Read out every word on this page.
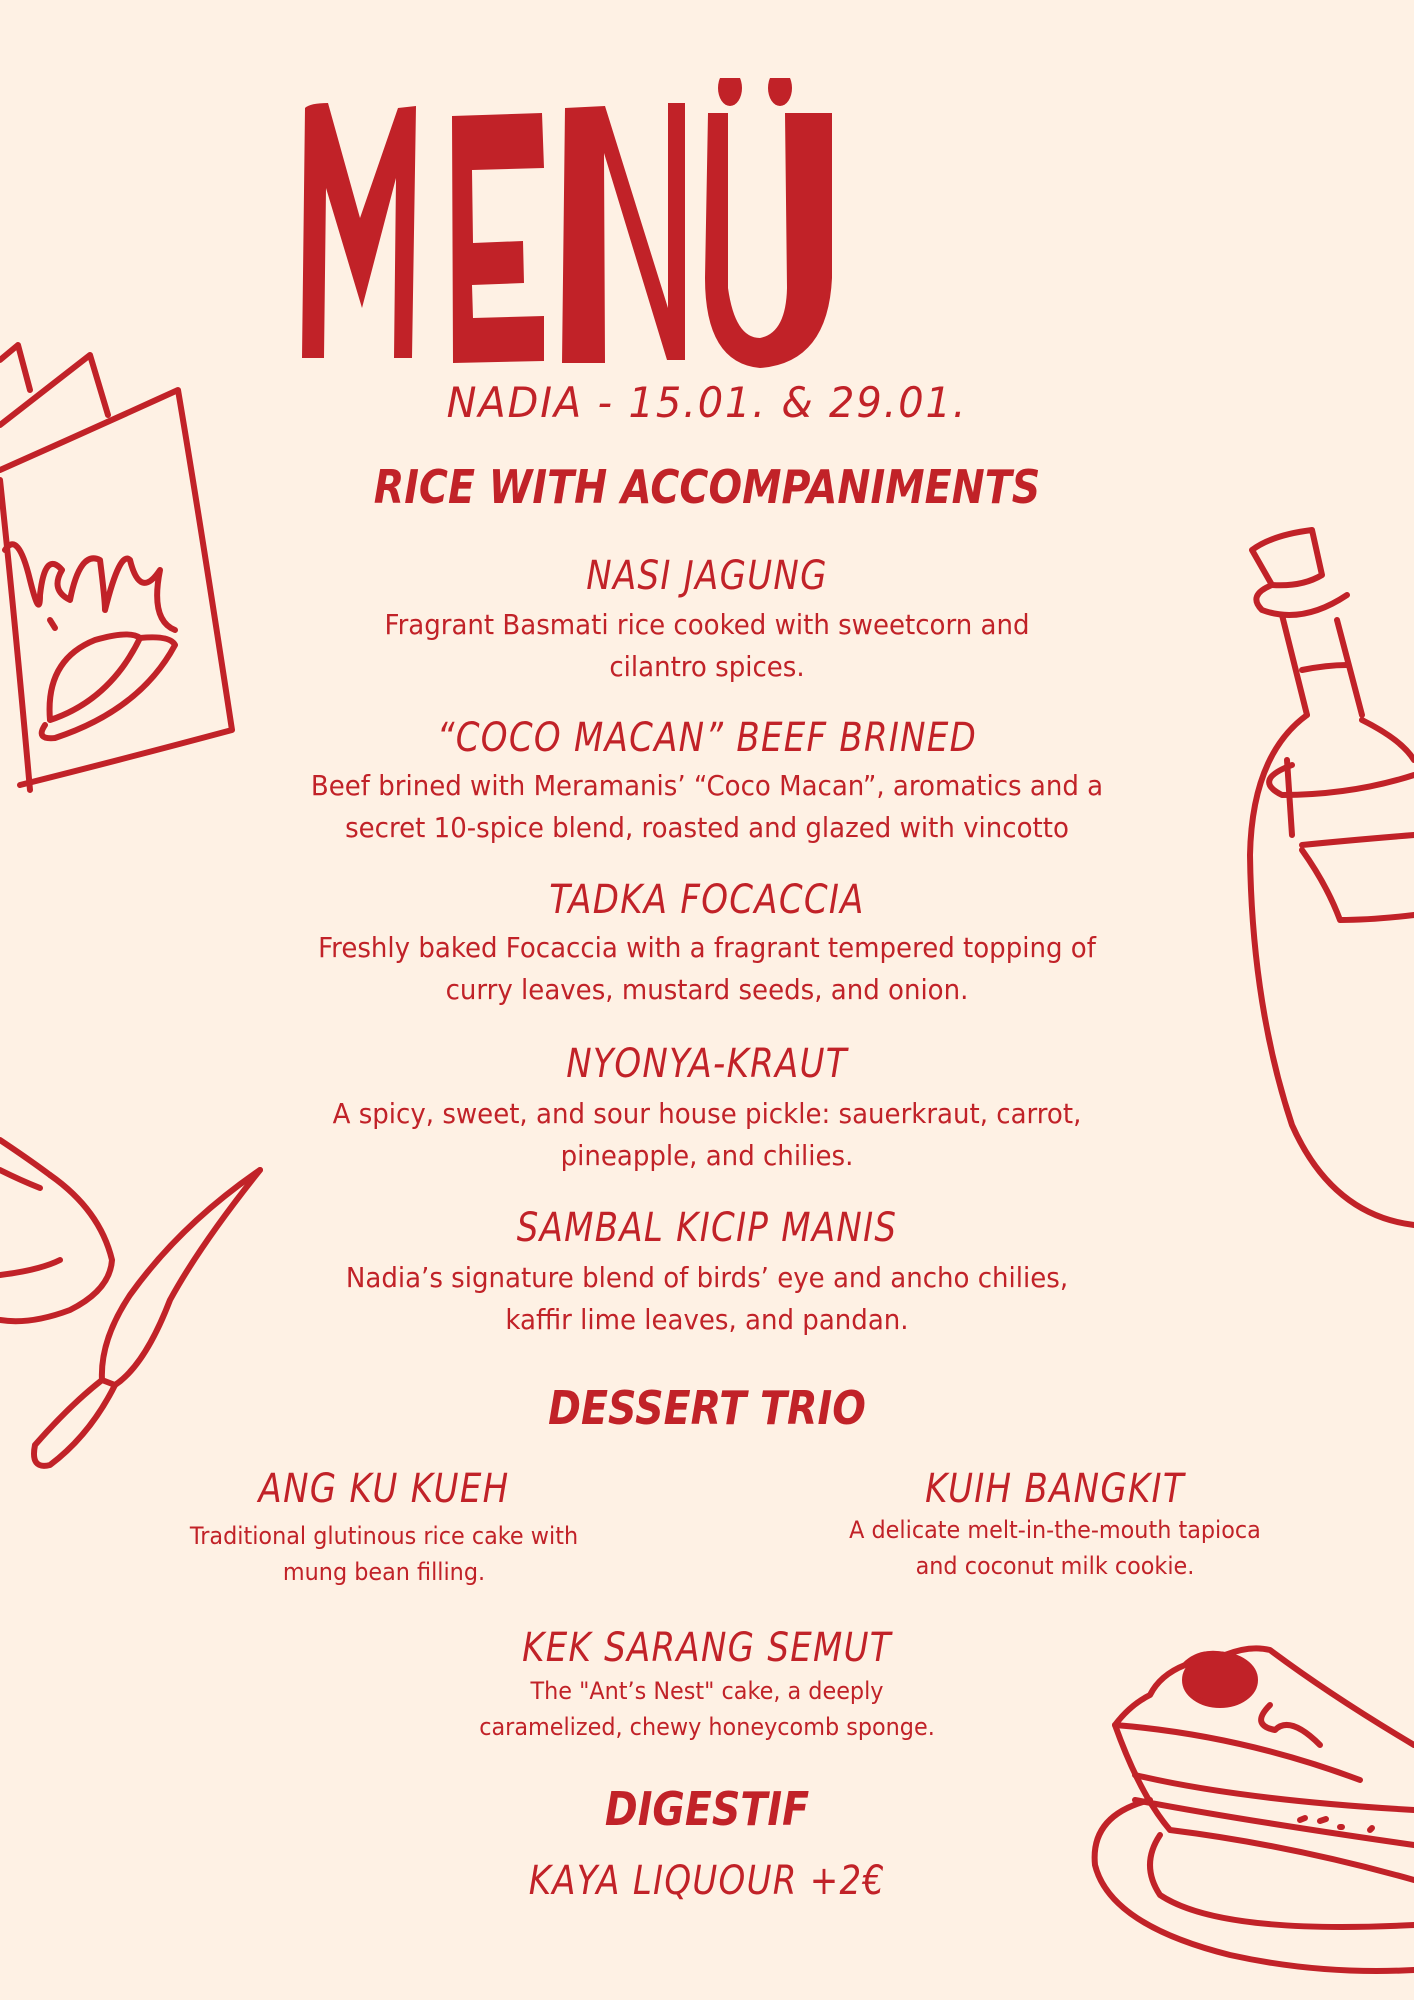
NADIA - 15.01. & 29.01.
RICE WITH ACCOMPANIMENTS
NASI JAGUNG
Fragrant Basmati rice cooked with sweetcorn and
cilantro spices.
“COCO MACAN” BEEF BRINED
Beef brined with Meramanis’ “Coco Macan”, aromatics and a
secret 10-spice blend, roasted and glazed with vincotto
TADKA FOCACCIA
Freshly baked Focaccia with a fragrant tempered topping of
curry leaves, mustard seeds, and onion.
NYONYA-KRAUT
A spicy, sweet, and sour house pickle: sauerkraut, carrot,
pineapple, and chilies.
SAMBAL KICIP MANIS
Nadia’s signature blend of birds’ eye and ancho chilies,
kaffir lime leaves, and pandan.
DESSERT TRIO
ANG KU KUEH
Traditional glutinous rice cake with
mung bean filling.
KUIH BANGKIT
A delicate melt-in-the-mouth tapioca
and coconut milk cookie.
KEK SARANG SEMUT
The "Ant’s Nest" cake, a deeply
caramelized, chewy honeycomb sponge.
DIGESTIF
KAYA LIQUOUR +2€
